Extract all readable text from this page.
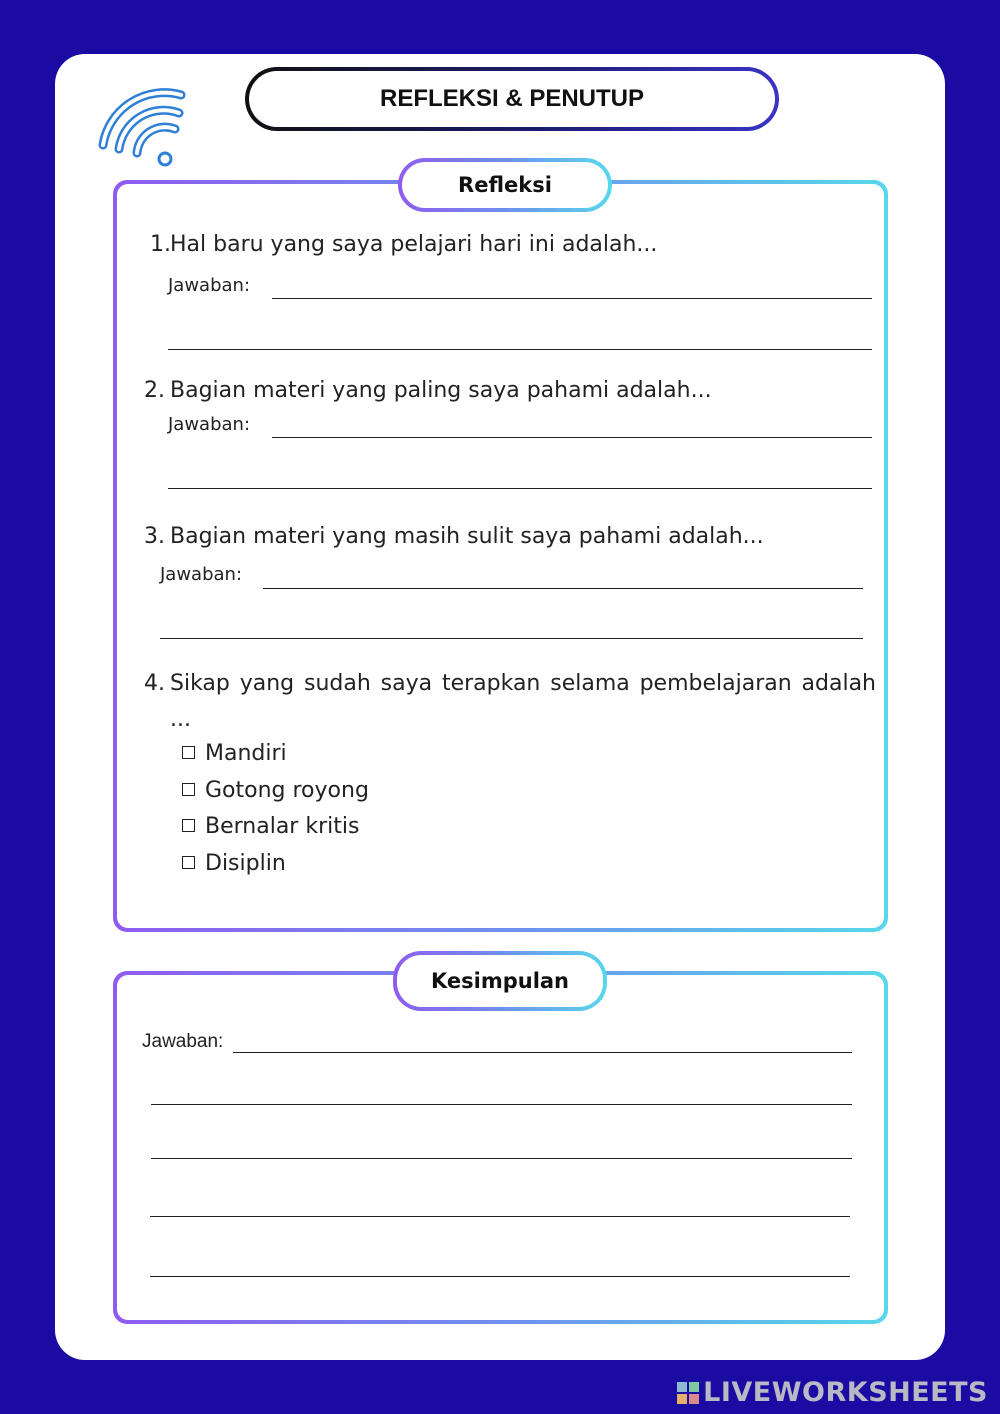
REFLEKSI & PENUTUP
Refleksi
1. Hal baru yang saya pelajari hari ini adalah...
Jawaban:
2. Bagian materi yang paling saya pahami adalah...
Jawaban:
3. Bagian materi yang masih sulit saya pahami adalah...
Jawaban:
4. Sikap yang sudah saya terapkan selama pembelajaran adalah ...
Mandiri
Gotong royong
Bernalar kritis
Disiplin
Kesimpulan
Jawaban:
LIVEWORKSHEETS
